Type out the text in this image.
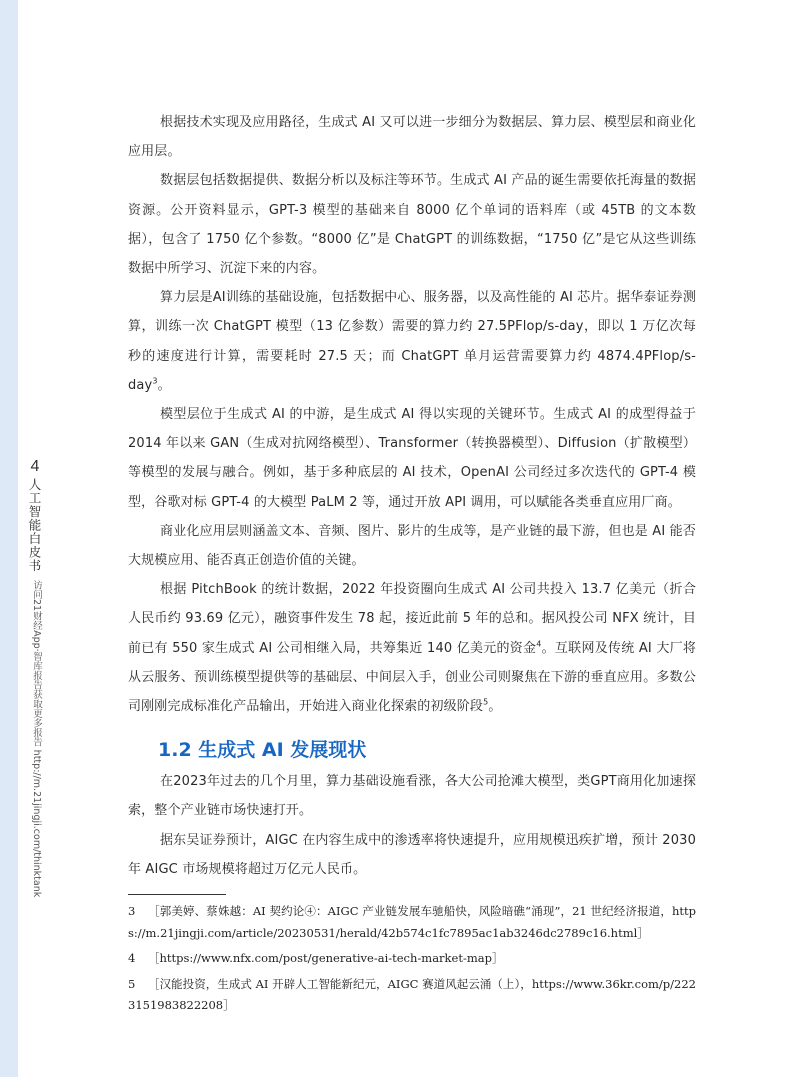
4
人工智能白皮书
访问21财经App·智库报告获取更多报告 http://m.21jingji.com/thinktank

根据技术实现及应用路径，生成式 AI 又可以进一步细分为数据层、算力层、模型层和商业化应用层。

数据层包括数据提供、数据分析以及标注等环节。生成式 AI 产品的诞生需要依托海量的数据资源。公开资料显示，GPT-3 模型的基础来自 8000 亿个单词的语料库（或 45TB 的文本数据），包含了 1750 亿个参数。“8000 亿”是 ChatGPT 的训练数据，“1750 亿”是它从这些训练数据中所学习、沉淀下来的内容。

算力层是AI训练的基础设施，包括数据中心、服务器，以及高性能的 AI 芯片。据华泰证券测算，训练一次 ChatGPT 模型（13 亿参数）需要的算力约 27.5PFlop/s-day，即以 1 万亿次每秒的速度进行计算，需要耗时 27.5 天；而 ChatGPT 单月运营需要算力约 4874.4PFlop/s-day$^3$。

模型层位于生成式 AI 的中游，是生成式 AI 得以实现的关键环节。生成式 AI 的成型得益于 2014 年以来 GAN（生成对抗网络模型）、Transformer（转换器模型）、Diffusion（扩散模型）等模型的发展与融合。例如，基于多种底层的 AI 技术，OpenAI 公司经过多次迭代的 GPT-4 模型，谷歌对标 GPT-4 的大模型 PaLM 2 等，通过开放 API 调用，可以赋能各类垂直应用厂商。

商业化应用层则涵盖文本、音频、图片、影片的生成等，是产业链的最下游，但也是 AI 能否大规模应用、能否真正创造价值的关键。

根据 PitchBook 的统计数据，2022 年投资圈向生成式 AI 公司共投入 13.7 亿美元（折合人民币约 93.69 亿元），融资事件发生 78 起，接近此前 5 年的总和。据风投公司 NFX 统计，目前已有 550 家生成式 AI 公司相继入局，共筹集近 140 亿美元的资金$^4$。互联网及传统 AI 大厂将从云服务、预训练模型提供等的基础层、中间层入手，创业公司则聚焦在下游的垂直应用。多数公司刚刚完成标准化产品输出，开始进入商业化探索的初级阶段$^5$。

1.2 生成式 AI 发展现状

在2023年过去的几个月里，算力基础设施看涨，各大公司抢滩大模型，类GPT商用化加速探索，整个产业链市场快速打开。

据东吴证券预计，AIGC 在内容生成中的渗透率将快速提升，应用规模迅疾扩增，预计 2030 年 AIGC 市场规模将超过万亿元人民币。

3 ［郭美婷、蔡姝越：AI 契约论④：AIGC 产业链发展车驰船快，风险暗礁“涌现”，21 世纪经济报道，https://m.21jingji.com/article/20230531/herald/42b574c1fc7895ac1ab3246dc2789c16.html］

4 ［https://www.nfx.com/post/generative-ai-tech-market-map］

5 ［汉能投资，生成式 AI 开辟人工智能新纪元，AIGC 赛道风起云涌（上），https://www.36kr.com/p/2223151983822208］
